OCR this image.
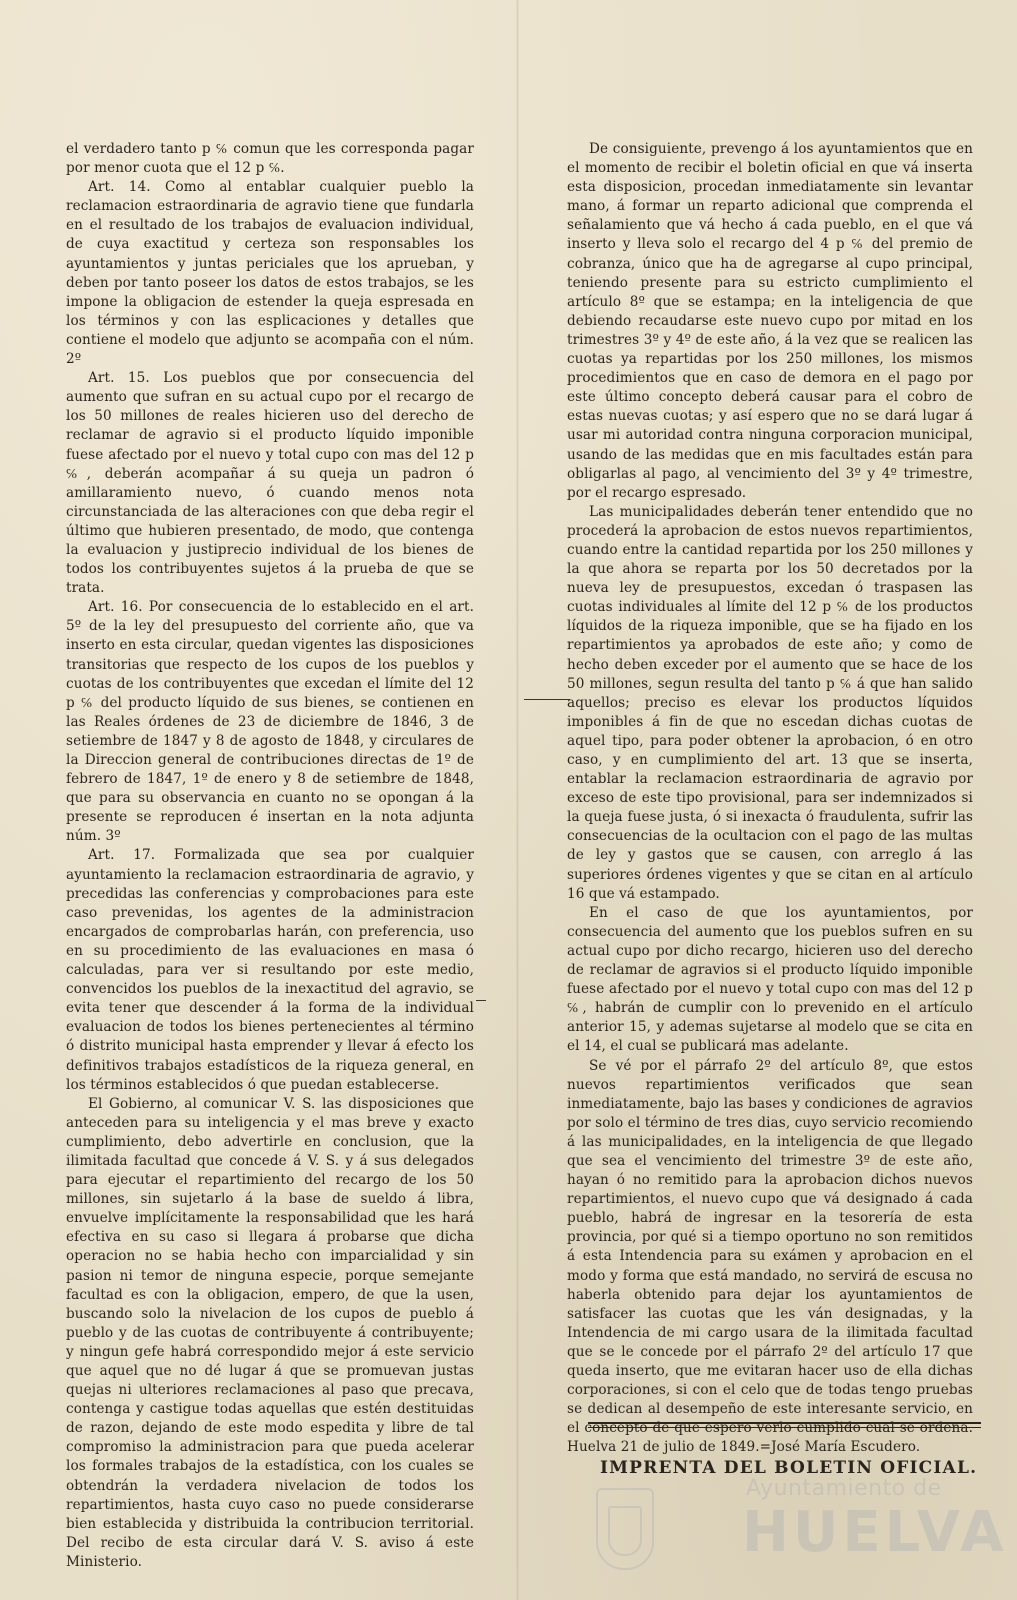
el verdadero tanto p ℅ comun que les corresponda pagar por menor cuota que el 12 p ℅.

Art. 14. Como al entablar cualquier pueblo la reclamacion estraordinaria de agravio tiene que fundarla en el resultado de los trabajos de evaluacion individual, de cuya exactitud y certeza son responsables los ayuntamientos y juntas periciales que los aprueban, y deben por tanto poseer los datos de estos trabajos, se les impone la obligacion de estender la queja espresada en los términos y con las esplicaciones y detalles que contiene el modelo que adjunto se acompaña con el núm. 2º

Art. 15. Los pueblos que por consecuencia del aumento que sufran en su actual cupo por el recargo de los 50 millones de reales hicieren uso del derecho de reclamar de agravio si el producto líquido imponible fuese afectado por el nuevo y total cupo con mas del 12 p ℅, deberán acompañar á su queja un padron ó amillaramiento nuevo, ó cuando menos nota circunstanciada de las alteraciones con que deba regir el último que hubieren presentado, de modo, que contenga la evaluacion y justiprecio individual de los bienes de todos los contribuyentes sujetos á la prueba de que se trata.

Art. 16. Por consecuencia de lo establecido en el art. 5º de la ley del presupuesto del corriente año, que va inserto en esta circular, quedan vigentes las disposiciones transitorias que respecto de los cupos de los pueblos y cuotas de los contribuyentes que excedan el límite del 12 p ℅ del producto líquido de sus bienes, se contienen en las Reales órdenes de 23 de diciembre de 1846, 3 de setiembre de 1847 y 8 de agosto de 1848, y circulares de la Direccion general de contribuciones directas de 1º de febrero de 1847, 1º de enero y 8 de setiembre de 1848, que para su observancia en cuanto no se opongan á la presente se reproducen é insertan en la nota adjunta núm. 3º

Art. 17. Formalizada que sea por cualquier ayuntamiento la reclamacion estraordinaria de agravio, y precedidas las conferencias y comprobaciones para este caso prevenidas, los agentes de la administracion encargados de comprobarlas harán, con preferencia, uso en su procedimiento de las evaluaciones en masa ó calculadas, para ver si resultando por este medio, convencidos los pueblos de la inexactitud del agravio, se evita tener que descender á la forma de la individual evaluacion de todos los bienes pertenecientes al término ó distrito municipal hasta emprender y llevar á efecto los definitivos trabajos estadísticos de la riqueza general, en los términos establecidos ó que puedan establecerse.

El Gobierno, al comunicar V. S. las disposiciones que anteceden para su inteligencia y el mas breve y exacto cumplimiento, debo advertirle en conclusion, que la ilimitada facultad que concede á V. S. y á sus delegados para ejecutar el repartimiento del recargo de los 50 millones, sin sujetarlo á la base de sueldo á libra, envuelve implícitamente la responsabilidad que les hará efectiva en su caso si llegara á probarse que dicha operacion no se habia hecho con imparcialidad y sin pasion ni temor de ninguna especie, porque semejante facultad es con la obligacion, empero, de que la usen, buscando solo la nivelacion de los cupos de pueblo á pueblo y de las cuotas de contribuyente á contribuyente; y ningun gefe habrá correspondido mejor á este servicio que aquel que no dé lugar á que se promuevan justas quejas ni ulteriores reclamaciones al paso que precava, contenga y castigue todas aquellas que estén destituidas de razon, dejando de este modo espedita y libre de tal compromiso la administracion para que pueda acelerar los formales trabajos de la estadística, con los cuales se obtendrán la verdadera nivelacion de todos los repartimientos, hasta cuyo caso no puede considerarse bien establecida y distribuida la contribucion territorial. Del recibo de esta circular dará V. S. aviso á este Ministerio.

De consiguiente, prevengo á los ayuntamientos que en el momento de recibir el boletin oficial en que vá inserta esta disposicion, procedan inmediatamente sin levantar mano, á formar un reparto adicional que comprenda el señalamiento que vá hecho á cada pueblo, en el que vá inserto y lleva solo el recargo del 4 p ℅ del premio de cobranza, único que ha de agregarse al cupo principal, teniendo presente para su estricto cumplimiento el artículo 8º que se estampa; en la inteligencia de que debiendo recaudarse este nuevo cupo por mitad en los trimestres 3º y 4º de este año, á la vez que se realicen las cuotas ya repartidas por los 250 millones, los mismos procedimientos que en caso de demora en el pago por este último concepto deberá causar para el cobro de estas nuevas cuotas; y así espero que no se dará lugar á usar mi autoridad contra ninguna corporacion municipal, usando de las medidas que en mis facultades están para obligarlas al pago, al vencimiento del 3º y 4º trimestre, por el recargo espresado.

Las municipalidades deberán tener entendido que no procederá la aprobacion de estos nuevos repartimientos, cuando entre la cantidad repartida por los 250 millones y la que ahora se reparta por los 50 decretados por la nueva ley de presupuestos, excedan ó traspasen las cuotas individuales al límite del 12 p ℅ de los productos líquidos de la riqueza imponible, que se ha fijado en los repartimientos ya aprobados de este año; y como de hecho deben exceder por el aumento que se hace de los 50 millones, segun resulta del tanto p ℅ á que han salido aquellos; preciso es elevar los productos líquidos imponibles á fin de que no escedan dichas cuotas de aquel tipo, para poder obtener la aprobacion, ó en otro caso, y en cumplimiento del art. 13 que se inserta, entablar la reclamacion estraordinaria de agravio por exceso de este tipo provisional, para ser indemnizados si la queja fuese justa, ó si inexacta ó fraudulenta, sufrir las consecuencias de la ocultacion con el pago de las multas de ley y gastos que se causen, con arreglo á las superiores órdenes vigentes y que se citan en al artículo 16 que vá estampado.

En el caso de que los ayuntamientos, por consecuencia del aumento que los pueblos sufren en su actual cupo por dicho recargo, hicieren uso del derecho de reclamar de agravios si el producto líquido imponible fuese afectado por el nuevo y total cupo con mas del 12 p ℅, habrán de cumplir con lo prevenido en el artículo anterior 15, y ademas sujetarse al modelo que se cita en el 14, el cual se publicará mas adelante.

Se vé por el párrafo 2º del artículo 8º, que estos nuevos repartimientos verificados que sean inmediatamente, bajo las bases y condiciones de agravios por solo el término de tres dias, cuyo servicio recomiendo á las municipalidades, en la inteligencia de que llegado que sea el vencimiento del trimestre 3º de este año, hayan ó no remitido para la aprobacion dichos nuevos repartimientos, el nuevo cupo que vá designado á cada pueblo, habrá de ingresar en la tesorería de esta provincia, por qué si a tiempo oportuno no son remitidos á esta Intendencia para su exámen y aprobacion en el modo y forma que está mandado, no servirá de escusa no haberla obtenido para dejar los ayuntamientos de satisfacer las cuotas que les ván designadas, y la Intendencia de mi cargo usara de la ilimitada facultad que se le concede por el párrafo 2º del artículo 17 que queda inserto, que me evitaran hacer uso de ella dichas corporaciones, si con el celo que de todas tengo pruebas se dedican al desempeño de este interesante servicio, en el concepto de que espero verlo cumplido cual se ordena. Huelva 21 de julio de 1849.=José María Escudero.

Ayuntamiento de
HUELVA
IMPRENTA DEL BOLETIN OFICIAL.
